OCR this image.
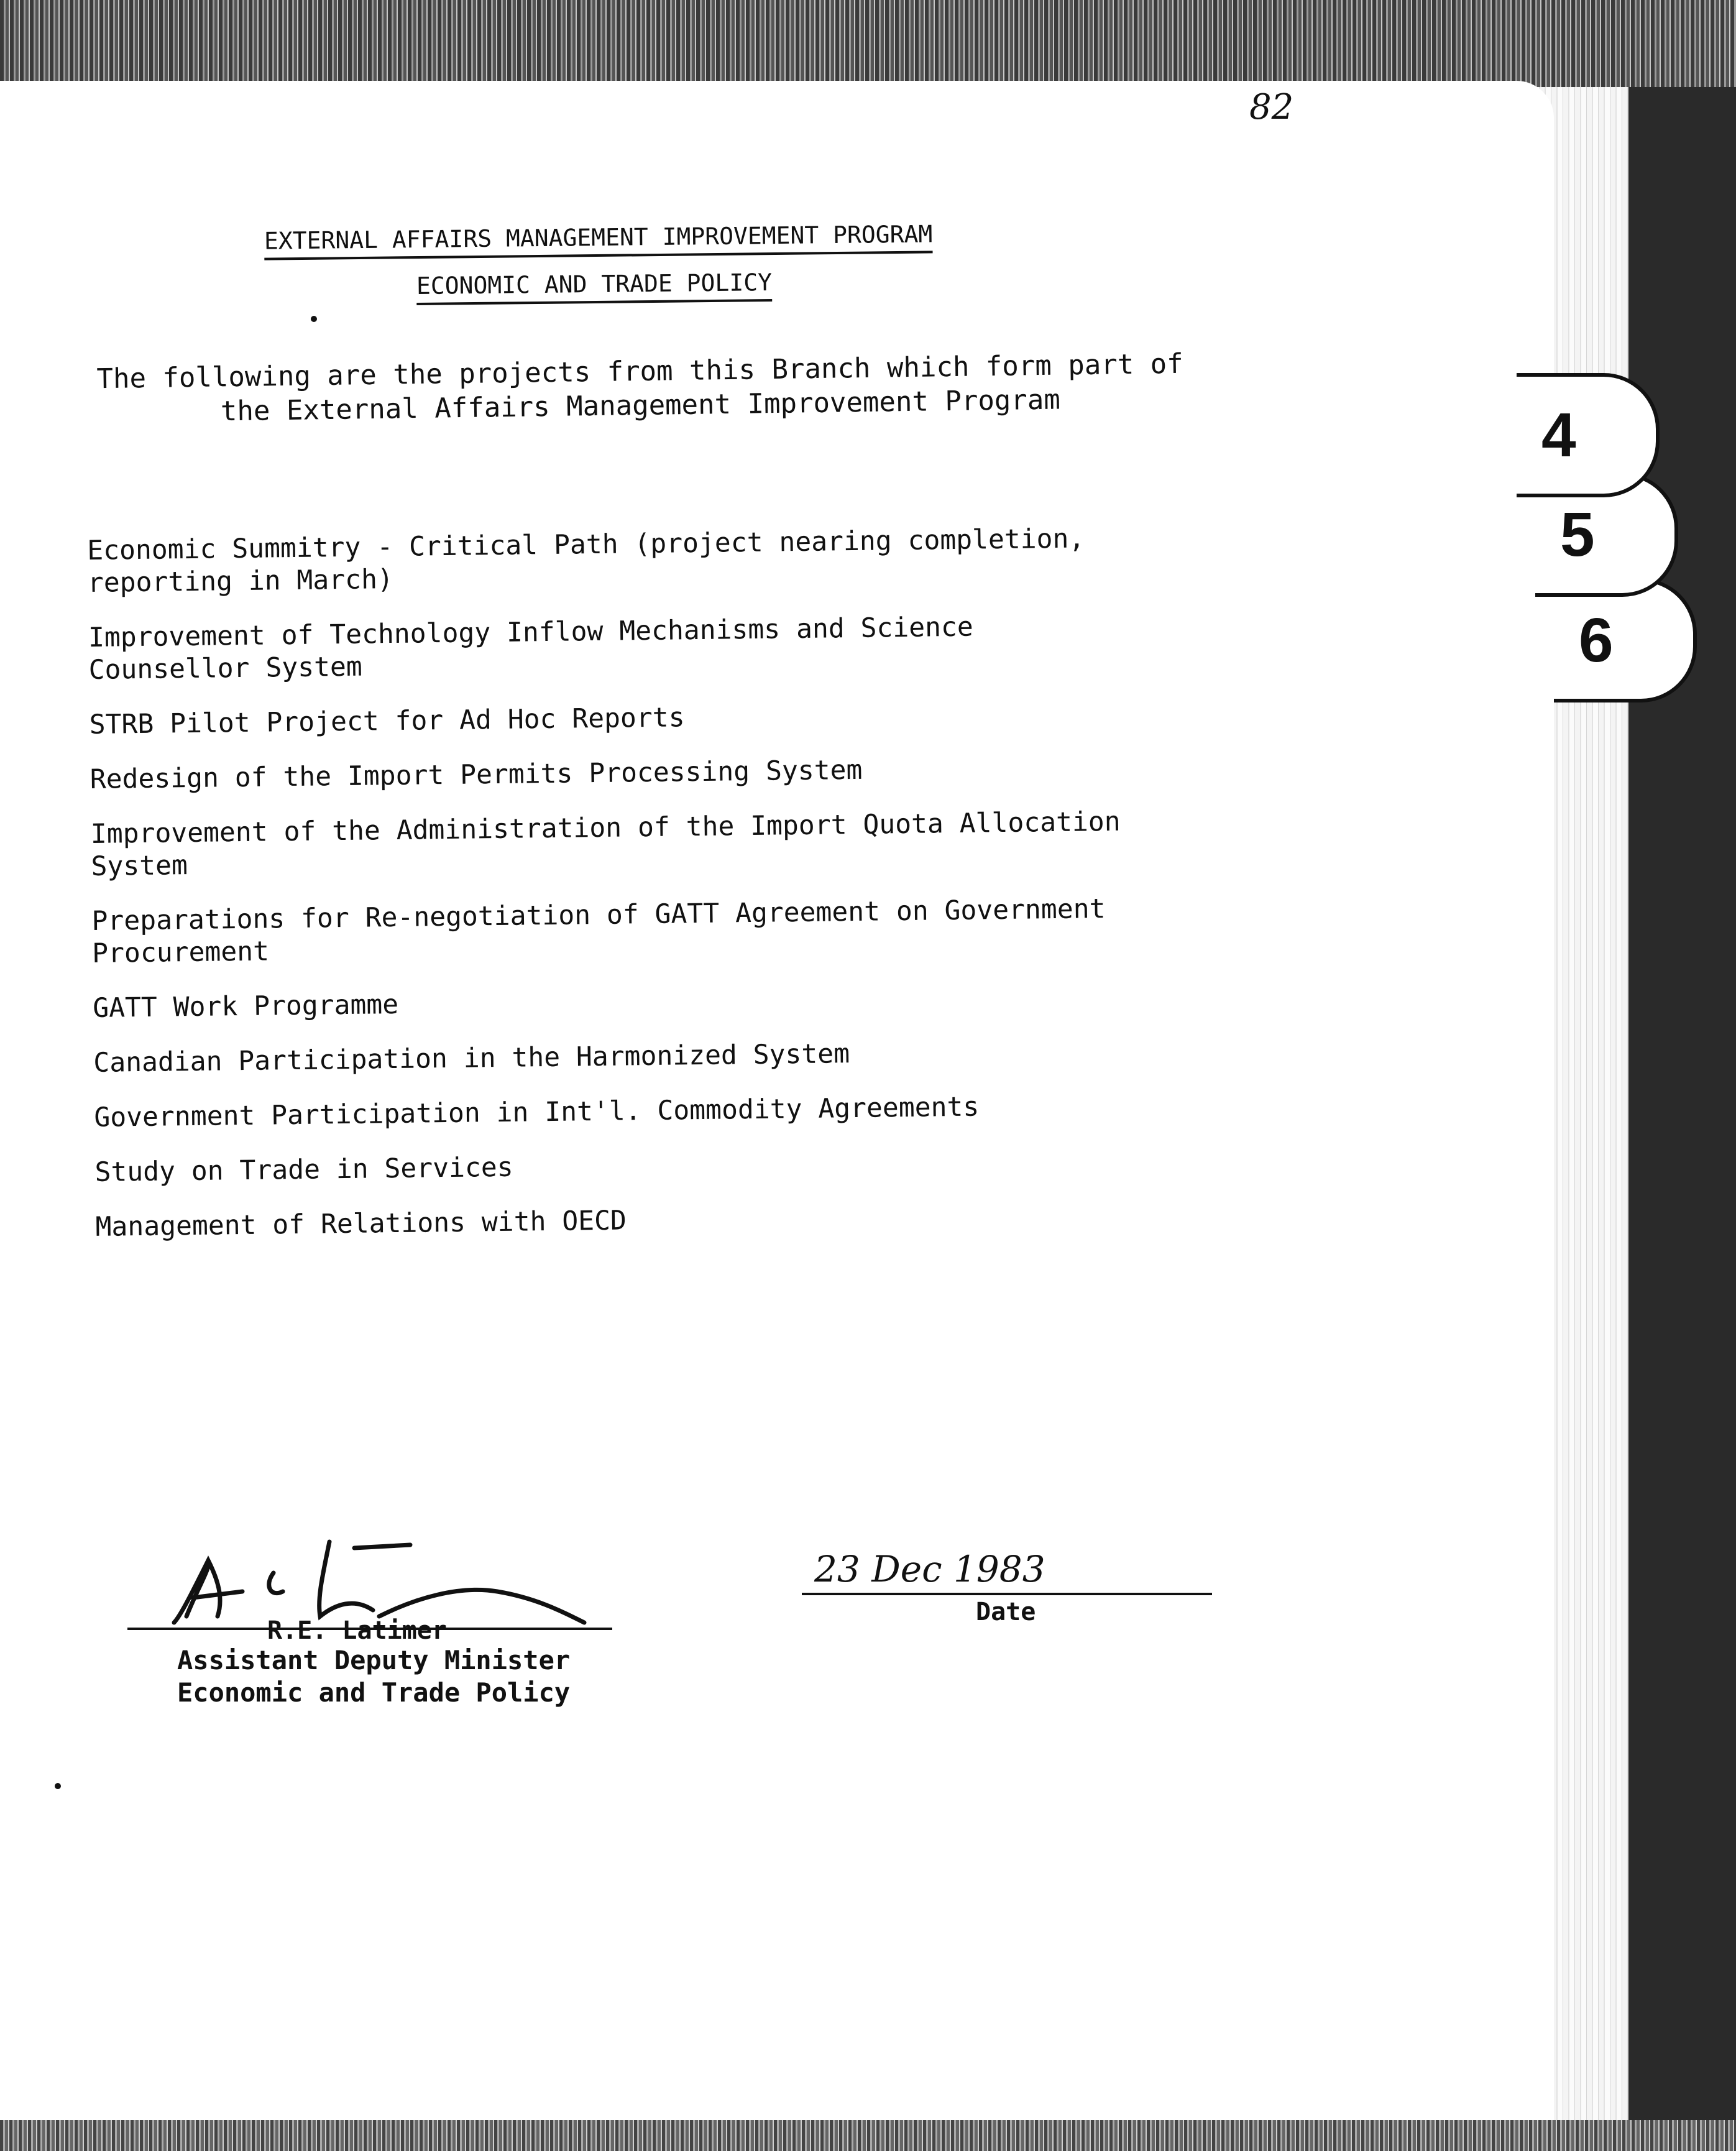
6
5
4
82
EXTERNAL AFFAIRS MANAGEMENT IMPROVEMENT PROGRAM
ECONOMIC AND TRADE POLICY
The following are the projects from this Branch which form part of the External Affairs Management Improvement Program
Economic Summitry - Critical Path (project nearing completion, reporting in March)
Improvement of Technology Inflow Mechanisms and Science Counsellor System
STRB Pilot Project for Ad Hoc Reports
Redesign of the Import Permits Processing System
Improvement of the Administration of the Import Quota Allocation System
Preparations for Re-negotiation of GATT Agreement on Government Procurement
GATT Work Programme
Canadian Participation in the Harmonized System
Government Participation in Int'l. Commodity Agreements
Study on Trade in Services
Management of Relations with OECD
R.E. Latimer
Assistant Deputy Minister
Economic and Trade Policy
23 Dec 1983
Date
